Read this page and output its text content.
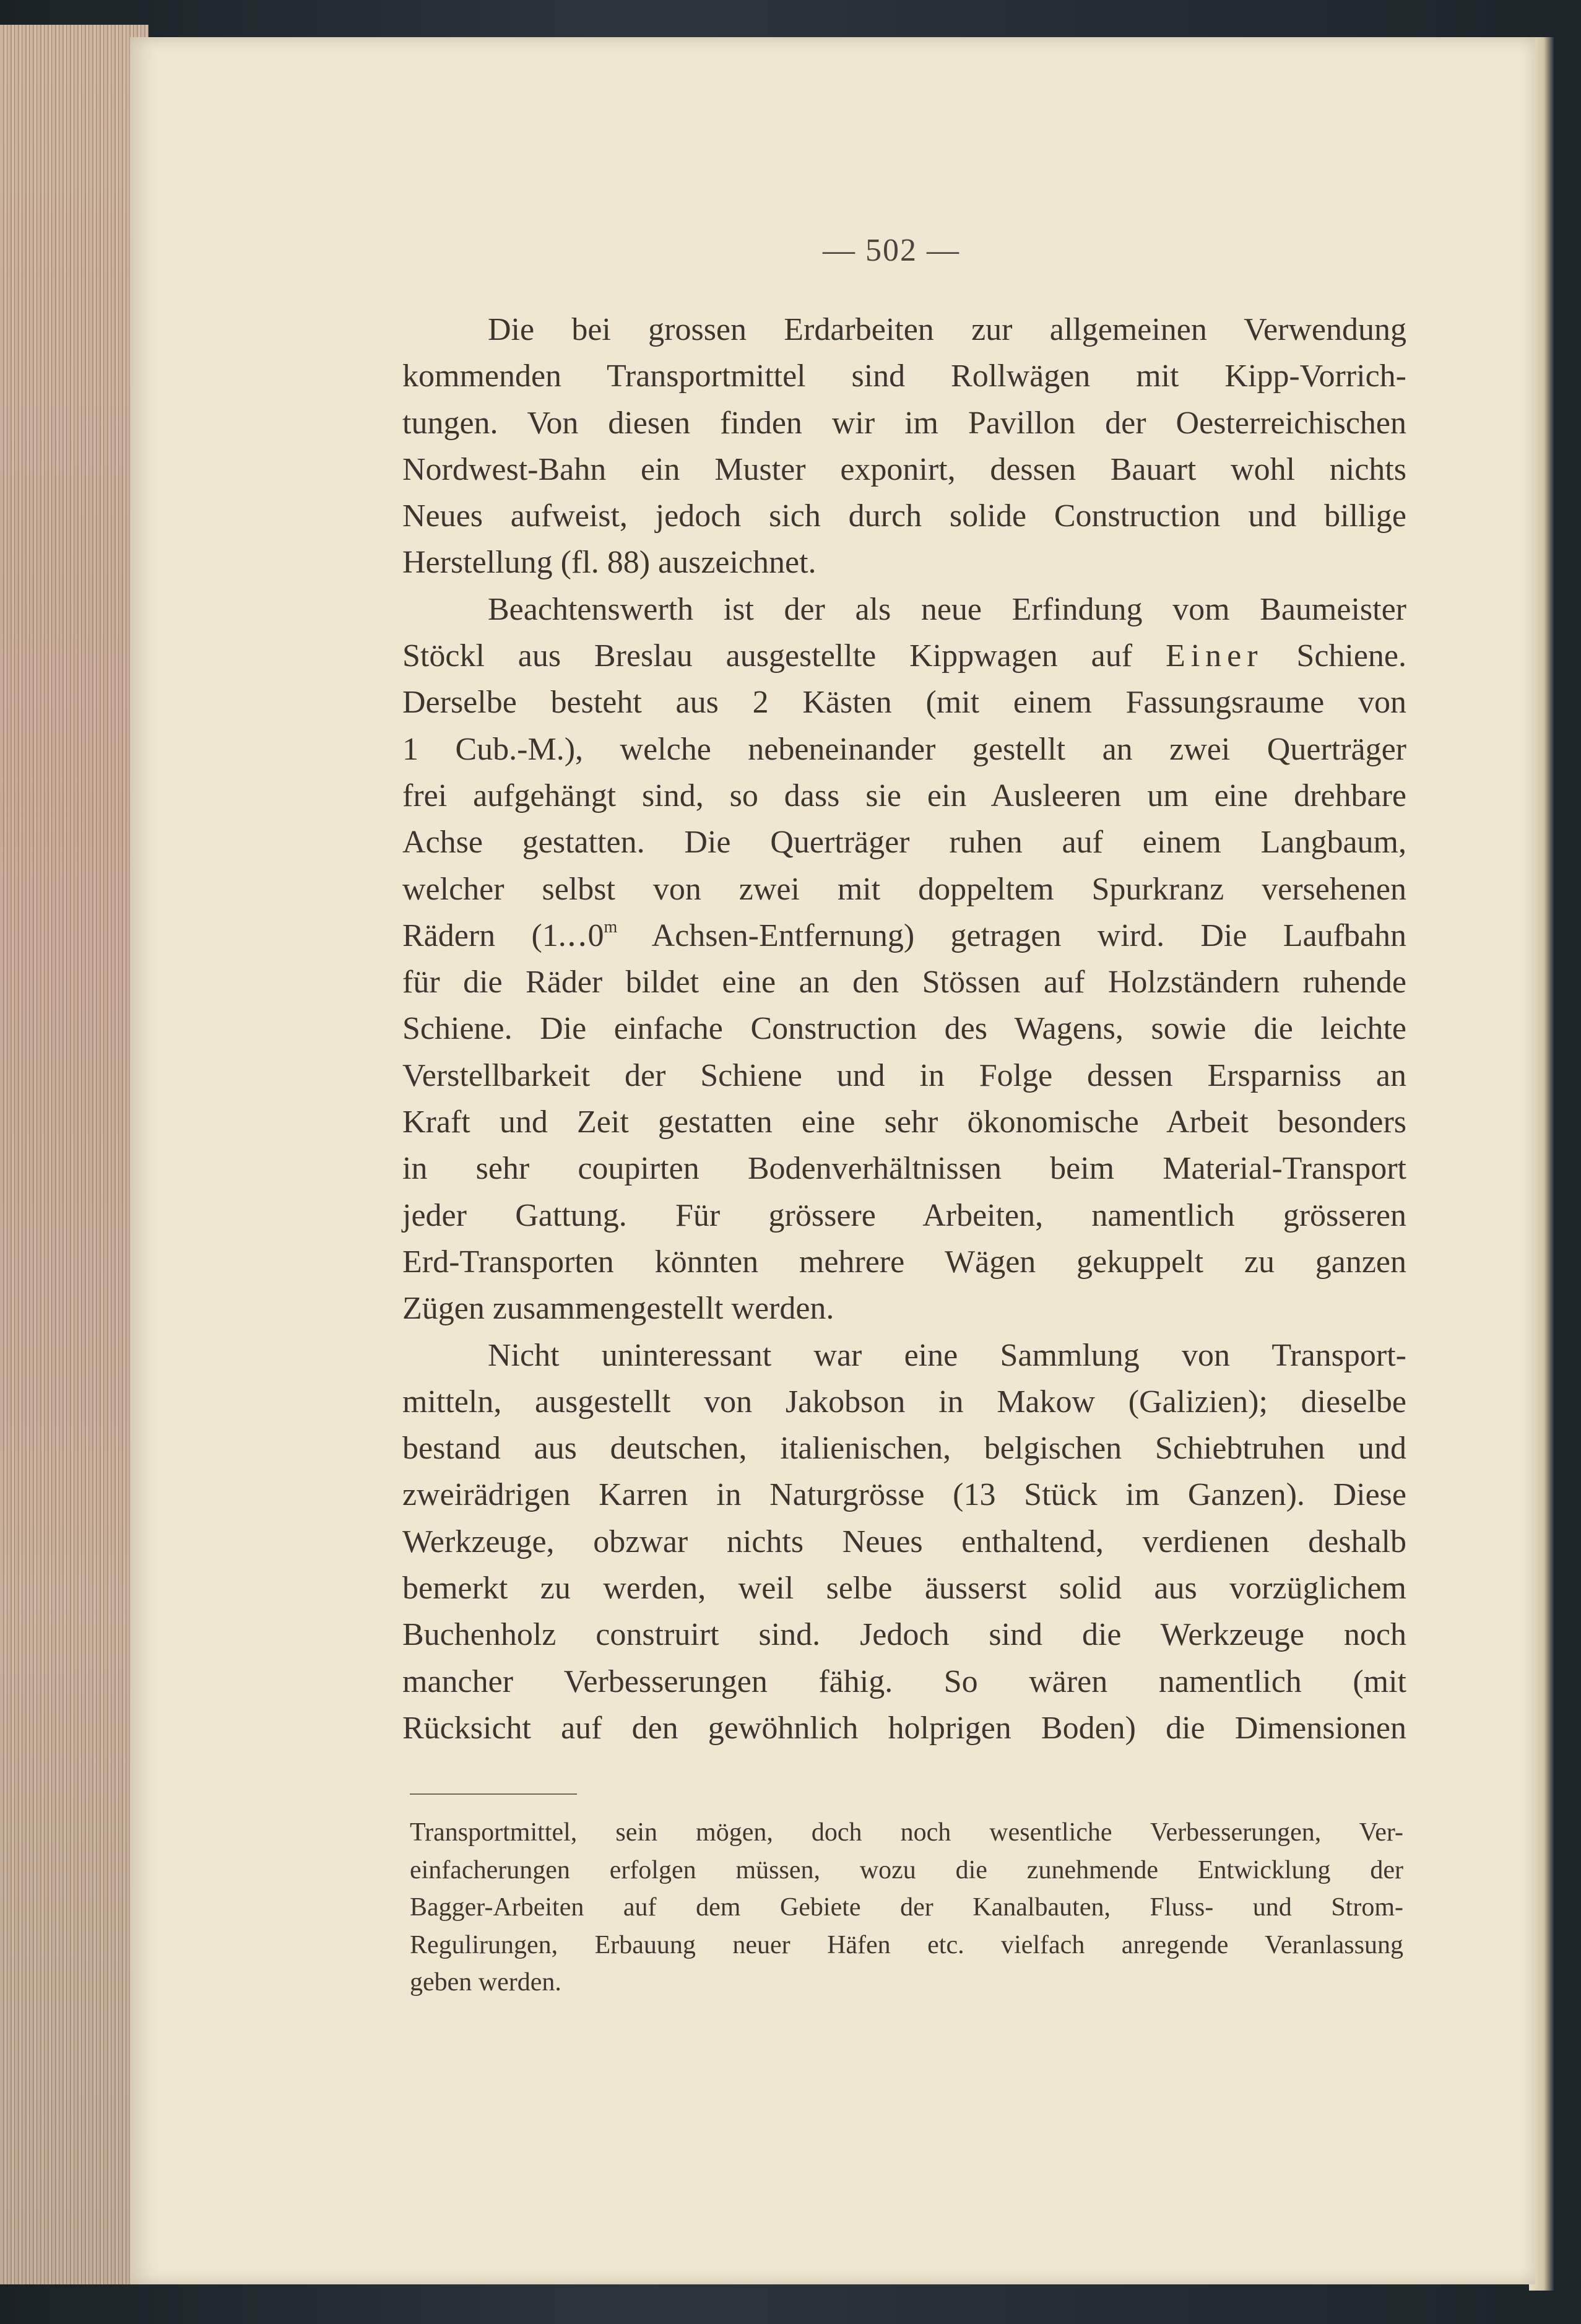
— 502 —
Die bei grossen Erdarbeiten zur allgemeinen Verwendung
kommenden Transportmittel sind Rollwägen mit Kipp-Vorrich-
tungen. Von diesen finden wir im Pavillon der Oesterreichischen
Nordwest-Bahn ein Muster exponirt, dessen Bauart wohl nichts
Neues aufweist, jedoch sich durch solide Construction und billige
Herstellung (fl. 88) auszeichnet.
Beachtenswerth ist der als neue Erfindung vom Baumeister
Stöckl aus Breslau ausgestellte Kippwagen auf Einer Schiene.
Derselbe besteht aus 2 Kästen (mit einem Fassungsraume von
1 Cub.-M.), welche nebeneinander gestellt an zwei Querträger
frei aufgehängt sind, so dass sie ein Ausleeren um eine drehbare
Achse gestatten. Die Querträger ruhen auf einem Langbaum,
welcher selbst von zwei mit doppeltem Spurkranz versehenen
Rädern (1.‥0$^m$ Achsen-Entfernung) getragen wird. Die Laufbahn
für die Räder bildet eine an den Stössen auf Holzständern ruhende
Schiene. Die einfache Construction des Wagens, sowie die leichte
Verstellbarkeit der Schiene und in Folge dessen Ersparniss an
Kraft und Zeit gestatten eine sehr ökonomische Arbeit besonders
in sehr coupirten Bodenverhältnissen beim Material-Transport
jeder Gattung. Für grössere Arbeiten, namentlich grösseren
Erd-Transporten könnten mehrere Wägen gekuppelt zu ganzen
Zügen zusammengestellt werden.
Nicht uninteressant war eine Sammlung von Transport-
mitteln, ausgestellt von Jakobson in Makow (Galizien); dieselbe
bestand aus deutschen, italienischen, belgischen Schiebtruhen und
zweirädrigen Karren in Naturgrösse (13 Stück im Ganzen). Diese
Werkzeuge, obzwar nichts Neues enthaltend, verdienen deshalb
bemerkt zu werden, weil selbe äusserst solid aus vorzüglichem
Buchenholz construirt sind. Jedoch sind die Werkzeuge noch
mancher Verbesserungen fähig. So wären namentlich (mit
Rücksicht auf den gewöhnlich holprigen Boden) die Dimensionen
Transportmittel, sein mögen, doch noch wesentliche Verbesserungen, Ver-
einfacherungen erfolgen müssen, wozu die zunehmende Entwicklung der
Bagger-Arbeiten auf dem Gebiete der Kanalbauten, Fluss- und Strom-
Regulirungen, Erbauung neuer Häfen etc. vielfach anregende Veranlassung
geben werden.
